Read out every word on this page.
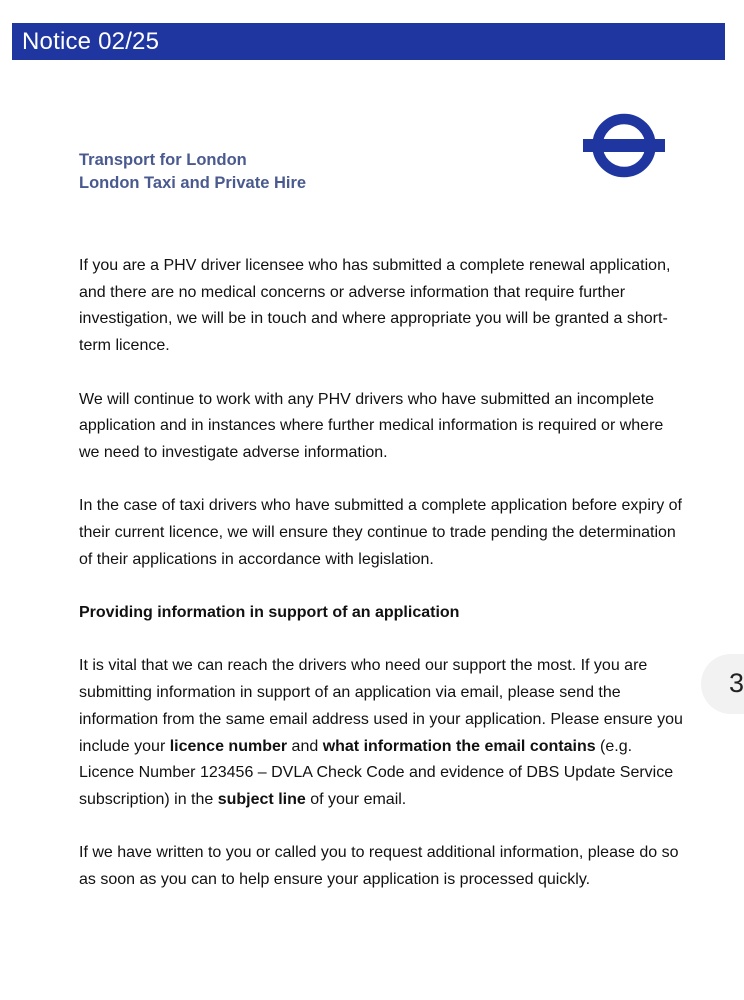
Notice 02/25
Transport for London
London Taxi and Private Hire

If you are a PHV driver licensee who has submitted a complete renewal application, and there are no medical concerns or adverse information that require further investigation, we will be in touch and where appropriate you will be granted a short-term licence.

We will continue to work with any PHV drivers who have submitted an incomplete application and in instances where further medical information is required or where we need to investigate adverse information.

In the case of taxi drivers who have submitted a complete application before expiry of their current licence, we will ensure they continue to trade pending the determination of their applications in accordance with legislation.

Providing information in support of an application

It is vital that we can reach the drivers who need our support the most. If you are submitting information in support of an application via email, please send the information from the same email address used in your application. Please ensure you include your licence number and what information the email contains (e.g. Licence Number 123456 – DVLA Check Code and evidence of DBS Update Service subscription) in the subject line of your email.

If we have written to you or called you to request additional information, please do so as soon as you can to help ensure your application is processed quickly.

3
